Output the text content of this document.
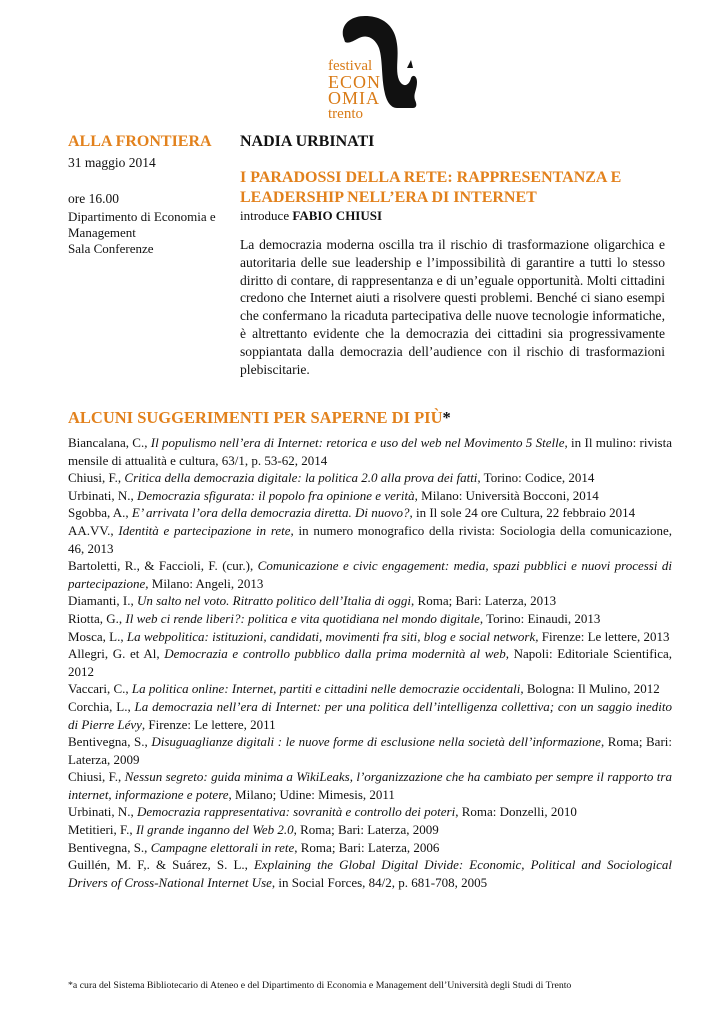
festival
ECON
OMIA
trento
ALLA FRONTIERA
31 maggio 2014
ore 16.00
Dipartimento di Economia e
Management
Sala Conferenze
NADIA URBINATI
I PARADOSSI DELLA RETE: RAPPRESENTANZA E LEADERSHIP NELL’ERA DI INTERNET

introduce FABIO CHIUSI

La democrazia moderna oscilla tra il rischio di trasformazione oligarchica e autoritaria delle sue leadership e l’impossibilità di garantire a tutti lo stesso diritto di contare, di rappresentanza e di un’eguale opportunità. Molti cittadini credono che Internet aiuti a risolvere questi problemi. Benché ci siano esempi che confermano la ricaduta partecipativa delle nuove tecnologie informatiche, è altrettanto evidente che la democrazia dei cittadini sia progressivamente soppiantata dalla democrazia dell’audience con il rischio di trasformazioni plebiscitarie.

ALCUNI SUGGERIMENTI PER SAPERNE DI PIÙ*
Biancalana, C., Il populismo nell’era di Internet: retorica e uso del web nel Movimento 5 Stelle, in Il mulino: rivista mensile di attualità e cultura, 63/1, p. 53-62, 2014
Chiusi, F., Critica della democrazia digitale: la politica 2.0 alla prova dei fatti, Torino: Codice, 2014
Urbinati, N., Democrazia sfigurata: il popolo fra opinione e verità, Milano: Università Bocconi, 2014
Sgobba, A., E’ arrivata l’ora della democrazia diretta. Di nuovo?, in Il sole 24 ore Cultura, 22 febbraio 2014
AA.VV., Identità e partecipazione in rete, in numero monografico della rivista: Sociologia della comunicazione, 46, 2013
Bartoletti, R., & Faccioli, F. (cur.), Comunicazione e civic engagement: media, spazi pubblici e nuovi processi di partecipazione, Milano: Angeli, 2013
Diamanti, I., Un salto nel voto. Ritratto politico dell’Italia di oggi, Roma; Bari: Laterza, 2013
Riotta, G., Il web ci rende liberi?: politica e vita quotidiana nel mondo digitale, Torino: Einaudi, 2013
Mosca, L., La webpolitica: istituzioni, candidati, movimenti fra siti, blog e social network, Firenze: Le lettere, 2013
Allegri, G. et Al, Democrazia e controllo pubblico dalla prima modernità al web, Napoli: Editoriale Scientifica, 2012
Vaccari, C., La politica online: Internet, partiti e cittadini nelle democrazie occidentali, Bologna: Il Mulino, 2012
Corchia, L., La democrazia nell’era di Internet: per una politica dell’intelligenza collettiva; con un saggio inedito di Pierre Lévy, Firenze: Le lettere, 2011
Bentivegna, S., Disuguaglianze digitali : le nuove forme di esclusione nella società dell’informazione, Roma; Bari: Laterza, 2009
Chiusi, F., Nessun segreto: guida minima a WikiLeaks, l’organizzazione che ha cambiato per sempre il rapporto tra internet, informazione e potere, Milano; Udine: Mimesis, 2011
Urbinati, N., Democrazia rappresentativa: sovranità e controllo dei poteri, Roma: Donzelli, 2010
Metitieri, F., Il grande inganno del Web 2.0, Roma; Bari: Laterza, 2009
Bentivegna, S., Campagne elettorali in rete, Roma; Bari: Laterza, 2006
Guillén, M. F,. & Suárez, S. L., Explaining the Global Digital Divide: Economic, Political and Sociological Drivers of Cross-National Internet Use, in Social Forces, 84/2, p. 681-708, 2005
*a cura del Sistema Bibliotecario di Ateneo e del Dipartimento di Economia e Management dell’Università degli Studi di Trento
